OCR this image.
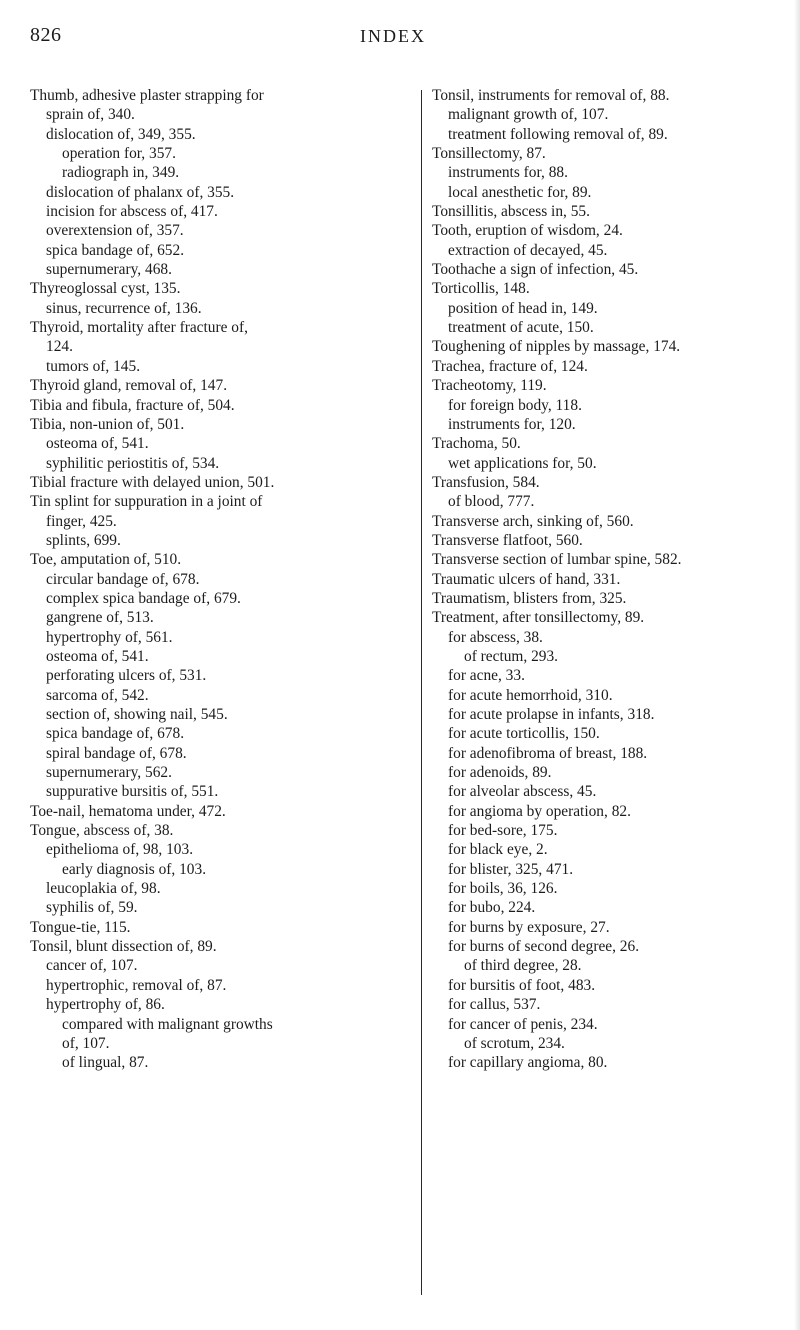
826	INDEX
Thumb, adhesive plaster strapping for
sprain of, 340.
dislocation of, 349, 355.
operation for, 357.
radiograph in, 349.
dislocation of phalanx of, 355.
incision for abscess of, 417.
overextension of, 357.
spica bandage of, 652.
supernumerary, 468.
Thyreoglossal cyst, 135.
sinus, recurrence of, 136.
Thyroid, mortality after fracture of,
124.
tumors of, 145.
Thyroid gland, removal of, 147.
Tibia and fibula, fracture of, 504.
Tibia, non-union of, 501.
osteoma of, 541.
syphilitic periostitis of, 534.
Tibial fracture with delayed union, 501.
Tin splint for suppuration in a joint of
finger, 425.
splints, 699.
Toe, amputation of, 510.
circular bandage of, 678.
complex spica bandage of, 679.
gangrene of, 513.
hypertrophy of, 561.
osteoma of, 541.
perforating ulcers of, 531.
sarcoma of, 542.
section of, showing nail, 545.
spica bandage of, 678.
spiral bandage of, 678.
supernumerary, 562.
suppurative bursitis of, 551.
Toe-nail, hematoma under, 472.
Tongue, abscess of, 38.
epithelioma of, 98, 103.
early diagnosis of, 103.
leucoplakia of, 98.
syphilis of, 59.
Tongue-tie, 115.
Tonsil, blunt dissection of, 89.
cancer of, 107.
hypertrophic, removal of, 87.
hypertrophy of, 86.
compared with malignant growths
of, 107.
of lingual, 87.
Tonsil, instruments for removal of, 88.
malignant growth of, 107.
treatment following removal of, 89.
Tonsillectomy, 87.
instruments for, 88.
local anesthetic for, 89.
Tonsillitis, abscess in, 55.
Tooth, eruption of wisdom, 24.
extraction of decayed, 45.
Toothache a sign of infection, 45.
Torticollis, 148.
position of head in, 149.
treatment of acute, 150.
Toughening of nipples by massage, 174.
Trachea, fracture of, 124.
Tracheotomy, 119.
for foreign body, 118.
instruments for, 120.
Trachoma, 50.
wet applications for, 50.
Transfusion, 584.
of blood, 777.
Transverse arch, sinking of, 560.
Transverse flatfoot, 560.
Transverse section of lumbar spine, 582.
Traumatic ulcers of hand, 331.
Traumatism, blisters from, 325.
Treatment, after tonsillectomy, 89.
for abscess, 38.
of rectum, 293.
for acne, 33.
for acute hemorrhoid, 310.
for acute prolapse in infants, 318.
for acute torticollis, 150.
for adenofibroma of breast, 188.
for adenoids, 89.
for alveolar abscess, 45.
for angioma by operation, 82.
for bed-sore, 175.
for black eye, 2.
for blister, 325, 471.
for boils, 36, 126.
for bubo, 224.
for burns by exposure, 27.
for burns of second degree, 26.
of third degree, 28.
for bursitis of foot, 483.
for callus, 537.
for cancer of penis, 234.
of scrotum, 234.
for capillary angioma, 80.
